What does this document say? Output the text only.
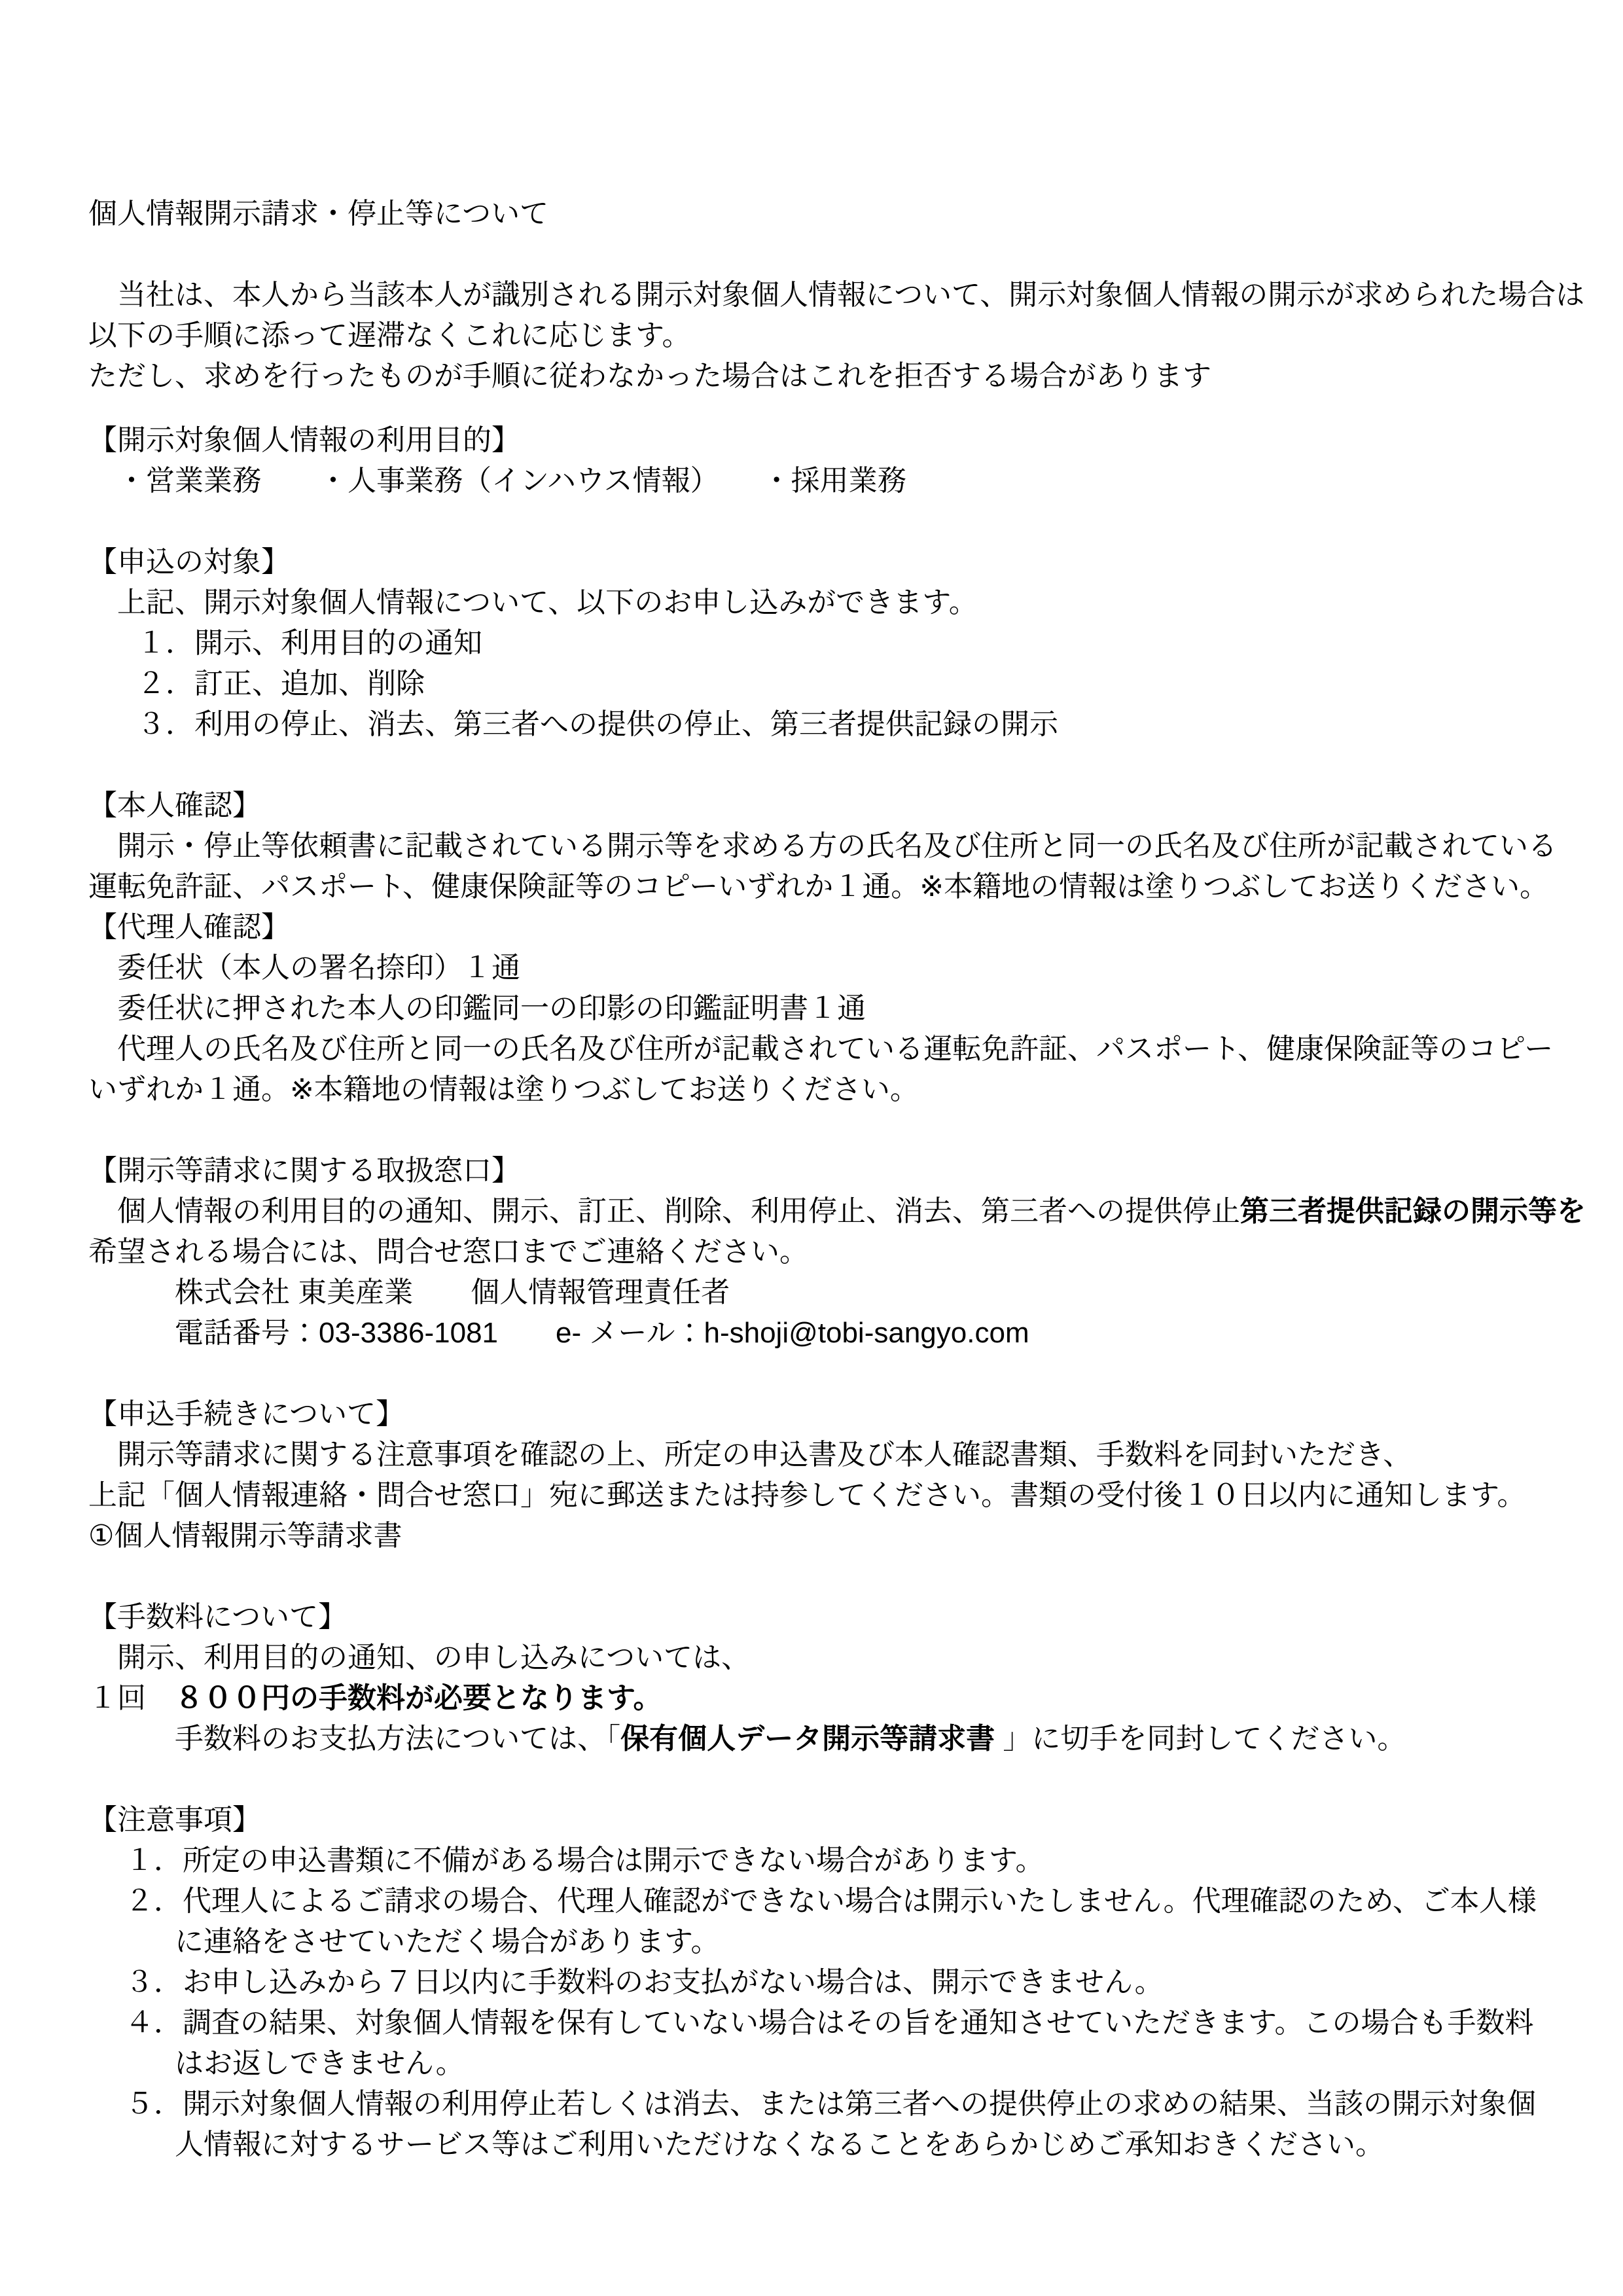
個人情報開示請求・停止等について
当社は、本人から当該本人が識別される開示対象個人情報について、開示対象個人情報の開示が求められた場合は
以下の手順に添って遅滞なくこれに応じます。
ただし、求めを行ったものが手順に従わなかった場合はこれを拒否する場合があります
【開示対象個人情報の利用目的】
・営業業務　　・人事業務（インハウス情報）　　・採用業務
【申込の対象】
上記、開示対象個人情報について、以下のお申し込みができます。
１．開示、利用目的の通知
２．訂正、追加、削除
３．利用の停止、消去、第三者への提供の停止、第三者提供記録の開示
【本人確認】
開示・停止等依頼書に記載されている開示等を求める方の氏名及び住所と同一の氏名及び住所が記載されている
運転免許証、パスポート、健康保険証等のコピーいずれか１通。※本籍地の情報は塗りつぶしてお送りください。
【代理人確認】
委任状（本人の署名捺印）１通
委任状に押された本人の印鑑同一の印影の印鑑証明書１通
代理人の氏名及び住所と同一の氏名及び住所が記載されている運転免許証、パスポート、健康保険証等のコピー
いずれか１通。※本籍地の情報は塗りつぶしてお送りください。
【開示等請求に関する取扱窓口】
個人情報の利用目的の通知、開示、訂正、削除、利用停止、消去、第三者への提供停止第三者提供記録の開示等を
希望される場合には、問合せ窓口までご連絡ください。
株式会社 東美産業　　個人情報管理責任者
電話番号：03-3386-1081　　e- メール：h-shoji@tobi-sangyo.com
【申込手続きについて】
開示等請求に関する注意事項を確認の上、所定の申込書及び本人確認書類、手数料を同封いただき、
上記「個人情報連絡・問合せ窓口」宛に郵送または持参してください。書類の受付後１０日以内に通知します。
①個人情報開示等請求書
【手数料について】
開示、利用目的の通知、の申し込みについては、
１回　８００円の手数料が必要となります。
手数料のお支払方法については、「保有個人データ開示等請求書 」に切手を同封してください。
【注意事項】
１．所定の申込書類に不備がある場合は開示できない場合があります。
２．代理人によるご請求の場合、代理人確認ができない場合は開示いたしません。代理確認のため、ご本人様
に連絡をさせていただく場合があります。
３．お申し込みから７日以内に手数料のお支払がない場合は、開示できません。
４．調査の結果、対象個人情報を保有していない場合はその旨を通知させていただきます。この場合も手数料
はお返しできません。
５．開示対象個人情報の利用停止若しくは消去、または第三者への提供停止の求めの結果、当該の開示対象個
人情報に対するサービス等はご利用いただけなくなることをあらかじめご承知おきください。
